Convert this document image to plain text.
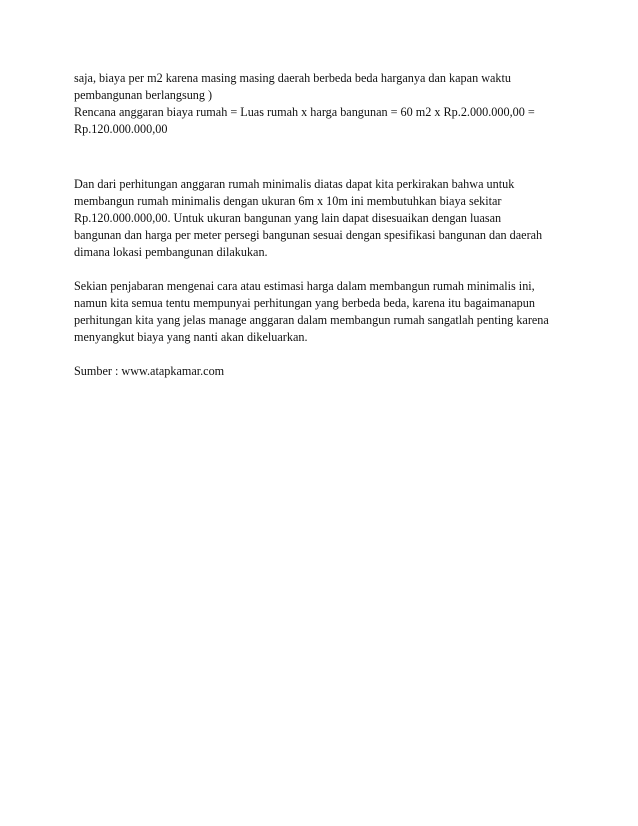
saja, biaya per m2 karena masing masing daerah berbeda beda harganya dan kapan waktu
pembangunan berlangsung )
Rencana anggaran biaya rumah = Luas rumah x harga bangunan = 60 m2 x Rp.2.000.000,00 =
Rp.120.000.000,00

Dan dari perhitungan anggaran rumah minimalis diatas dapat kita perkirakan bahwa untuk
membangun rumah minimalis dengan ukuran 6m x 10m ini membutuhkan biaya sekitar
Rp.120.000.000,00. Untuk ukuran bangunan yang lain dapat disesuaikan dengan luasan
bangunan dan harga per meter persegi bangunan sesuai dengan spesifikasi bangunan dan daerah
dimana lokasi pembangunan dilakukan.

Sekian penjabaran mengenai cara atau estimasi harga dalam membangun rumah minimalis ini,
namun kita semua tentu mempunyai perhitungan yang berbeda beda, karena itu bagaimanapun
perhitungan kita yang jelas manage anggaran dalam membangun rumah sangatlah penting karena
menyangkut biaya yang nanti akan dikeluarkan.

Sumber : www.atapkamar.com
